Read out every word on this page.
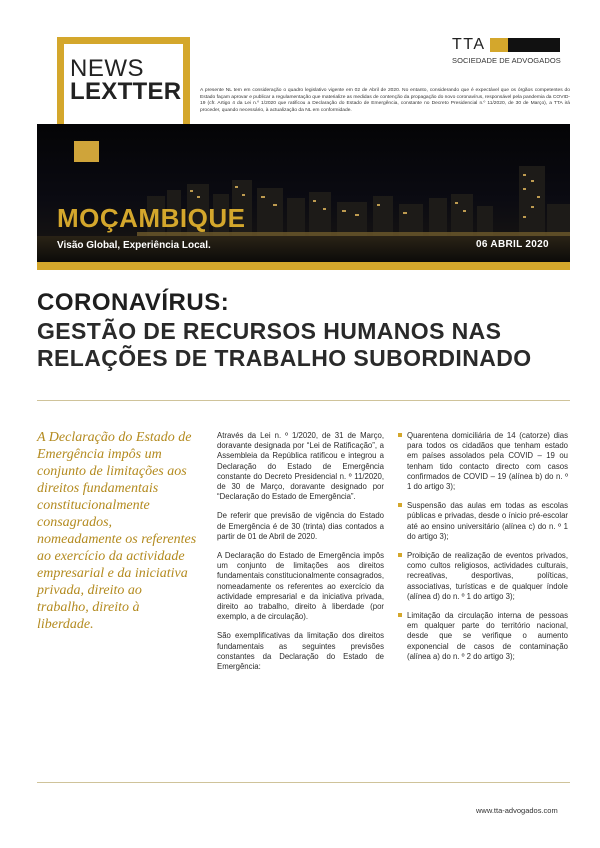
NEWS
LEXTTER
TTA
SOCIEDADE DE ADVOGADOS

A presente NL tem em consideração o quadro legislativo vigente em 02 de Abril de 2020. No entanto, considerando que é expectável que os órgãos competentes do Estado façam aprovar e publicar a regulamentação que materialize as medidas de contenção da propagação do novo coronavírus, responsável pela pandemia da COVID-19 (cfr. Artigo 4 da Lei n.º 1/2020 que ratificou a Declaração do Estado de Emergência, constante no Decreto Presidencial n.º 11/2020, de 30 de Março), a TTA irá proceder, quando necessário, à actualização da NL em conformidade.

MOÇAMBIQUE
Visão Global, Experiência Local.	06 ABRIL 2020
CORONAVÍRUS:
GESTÃO DE RECURSOS HUMANOS NAS RELAÇÕES DE TRABALHO SUBORDINADO

A Declaração do Estado de Emergência impôs um conjunto de limitações aos direitos fundamentais constitucionalmente consagrados, nomeadamente os referentes ao exercício da actividade empresarial e da iniciativa privada, direito ao trabalho, direito à liberdade.

Através da Lei n. º 1/2020, de 31 de Março, doravante designada por “Lei de Ratificação”, a Assembleia da República ratificou e integrou a Declaração do Estado de Emergência constante do Decreto Presidencial n. º 11/2020, de 30 de Março, doravante designado por “Declaração do Estado de Emergência”.

De referir que previsão de vigência do Estado de Emergência é de 30 (trinta) dias contados a partir de 01 de Abril de 2020.

A Declaração do Estado de Emergência impôs um conjunto de limitações aos direitos fundamentais constitucionalmente consagrados, nomeadamente os referentes ao exercício da actividade empresarial e da iniciativa privada, direito ao trabalho, direito à liberdade (por exemplo, a de circulação).

São exemplificativas da limitação dos direitos fundamentais as seguintes previsões constantes da Declaração do Estado de Emergência:

Quarentena domiciliária de 14 (catorze) dias para todos os cidadãos que tenham estado em países assolados pela COVID – 19 ou tenham tido contacto directo com casos confirmados de COVID – 19 (alínea b) do n. º 1 do artigo 3);
Suspensão das aulas em todas as escolas públicas e privadas, desde o ínicio pré-escolar até ao ensino universitário (alínea c) do n. º 1 do artigo 3);
Proibição de realização de eventos privados, como cultos religiosos, actividades culturais, recreativas, desportivas, políticas, associativas, turísticas e de qualquer índole (alínea d) do n. º 1 do artigo 3);
Limitação da circulação interna de pessoas em qualquer parte do território nacional, desde que se verifique o aumento exponencial de casos de contaminação (alínea a) do n. º 2 do artigo 3);
www.tta-advogados.com
